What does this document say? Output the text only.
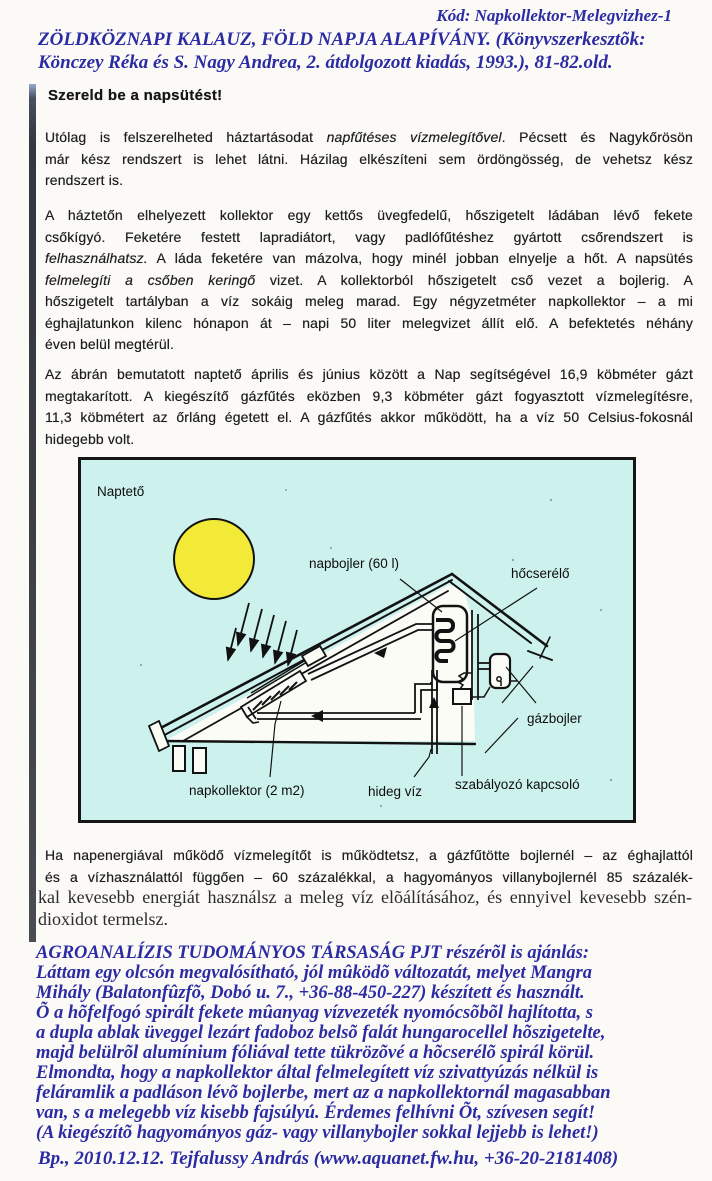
Kód: Napkollektor-Melegvizhez-1
ZÖLDKÖZNAPI KALAUZ, FÖLD NAPJA ALAPÍVÁNY. (Könyvszerkesztõk:
Könczey Réka és S. Nagy Andrea, 2. átdolgozott kiadás, 1993.), 81-82.old.
Szereld be a napsütést!
Utólag is felszerelheted háztartásodat napfűtéses vízmelegítővel. Pécsett és Nagykőrösön
már kész rendszert is lehet látni. Házilag elkészíteni sem ördöngösség, de vehetsz kész
rendszert is.
A háztetőn elhelyezett kollektor egy kettős üvegfedelű, hőszigetelt ládában lévő fekete
csőkígyó. Feketére festett lapradiátort, vagy padlófűtéshez gyártott csőrendszert is
felhasználhatsz. A láda feketére van mázolva, hogy minél jobban elnyelje a hőt. A napsütés
felmelegíti a csőben keringő vizet. A kollektorból hőszigetelt cső vezet a bojlerig. A
hőszigetelt tartályban a víz sokáig meleg marad. Egy négyzetméter napkollektor – a mi
éghajlatunkon kilenc hónapon át – napi 50 liter melegvizet állít elő. A befektetés néhány
éven belül megtérül.
Az ábrán bemutatott naptető április és június között a Nap segítségével 16,9 köbméter gázt
megtakarított. A kiegészítő gázfűtés eközben 9,3 köbméter gázt fogyasztott vízmelegítésre,
11,3 köbmétert az őrláng égetett el. A gázfűtés akkor működött, ha a víz 50 Celsius-fokosnál
hidegebb volt.
Naptető
napbojler (60 l)
hőcserélő
gázbojler
napkollektor (2 m2)	hideg víz szabályozó kapcsoló
Ha napenergiával működő vízmelegítőt is működtetsz, a gázfűtötte bojlernél – az éghajlattól
és a vízhasználattól függően – 60 százalékkal, a hagyományos villanybojlernél 85 százalék-
kal kevesebb energiát használsz a meleg víz elõálításához, és ennyivel kevesebb szén-
dioxidot termelsz.
AGROANALÍZIS TUDOMÁNYOS TÁRSASÁG PJT részérõl is ajánlás:
Láttam egy olcsón megvalósítható, jól mûködõ változatát, melyet Mangra
Mihály (Balatonfûzfõ, Dobó u. 7., +36-88-450-227) készített és használt.
Õ a hõfelfogó spirált fekete mûanyag vízvezeték nyomócsõbõl hajlította, s
a dupla ablak üveggel lezárt fadoboz belsõ falát hungarocellel hõszigetelte,
majd belülrõl alumínium fóliával tette tükrözõvé a hõcserélõ spirál körül.
Elmondta, hogy a napkollektor által felmelegített víz szivattyúzás nélkül is
feláramlik a padláson lévõ bojlerbe, mert az a napkollektornál magasabban
van, s a melegebb víz kisebb fajsúlyú. Érdemes felhívni Õt, szívesen segít!
(A kiegészítõ hagyományos gáz- vagy villanybojler sokkal lejjebb is lehet!)
Bp., 2010.12.12. Tejfalussy András (www.aquanet.fw.hu, +36-20-2181408)
